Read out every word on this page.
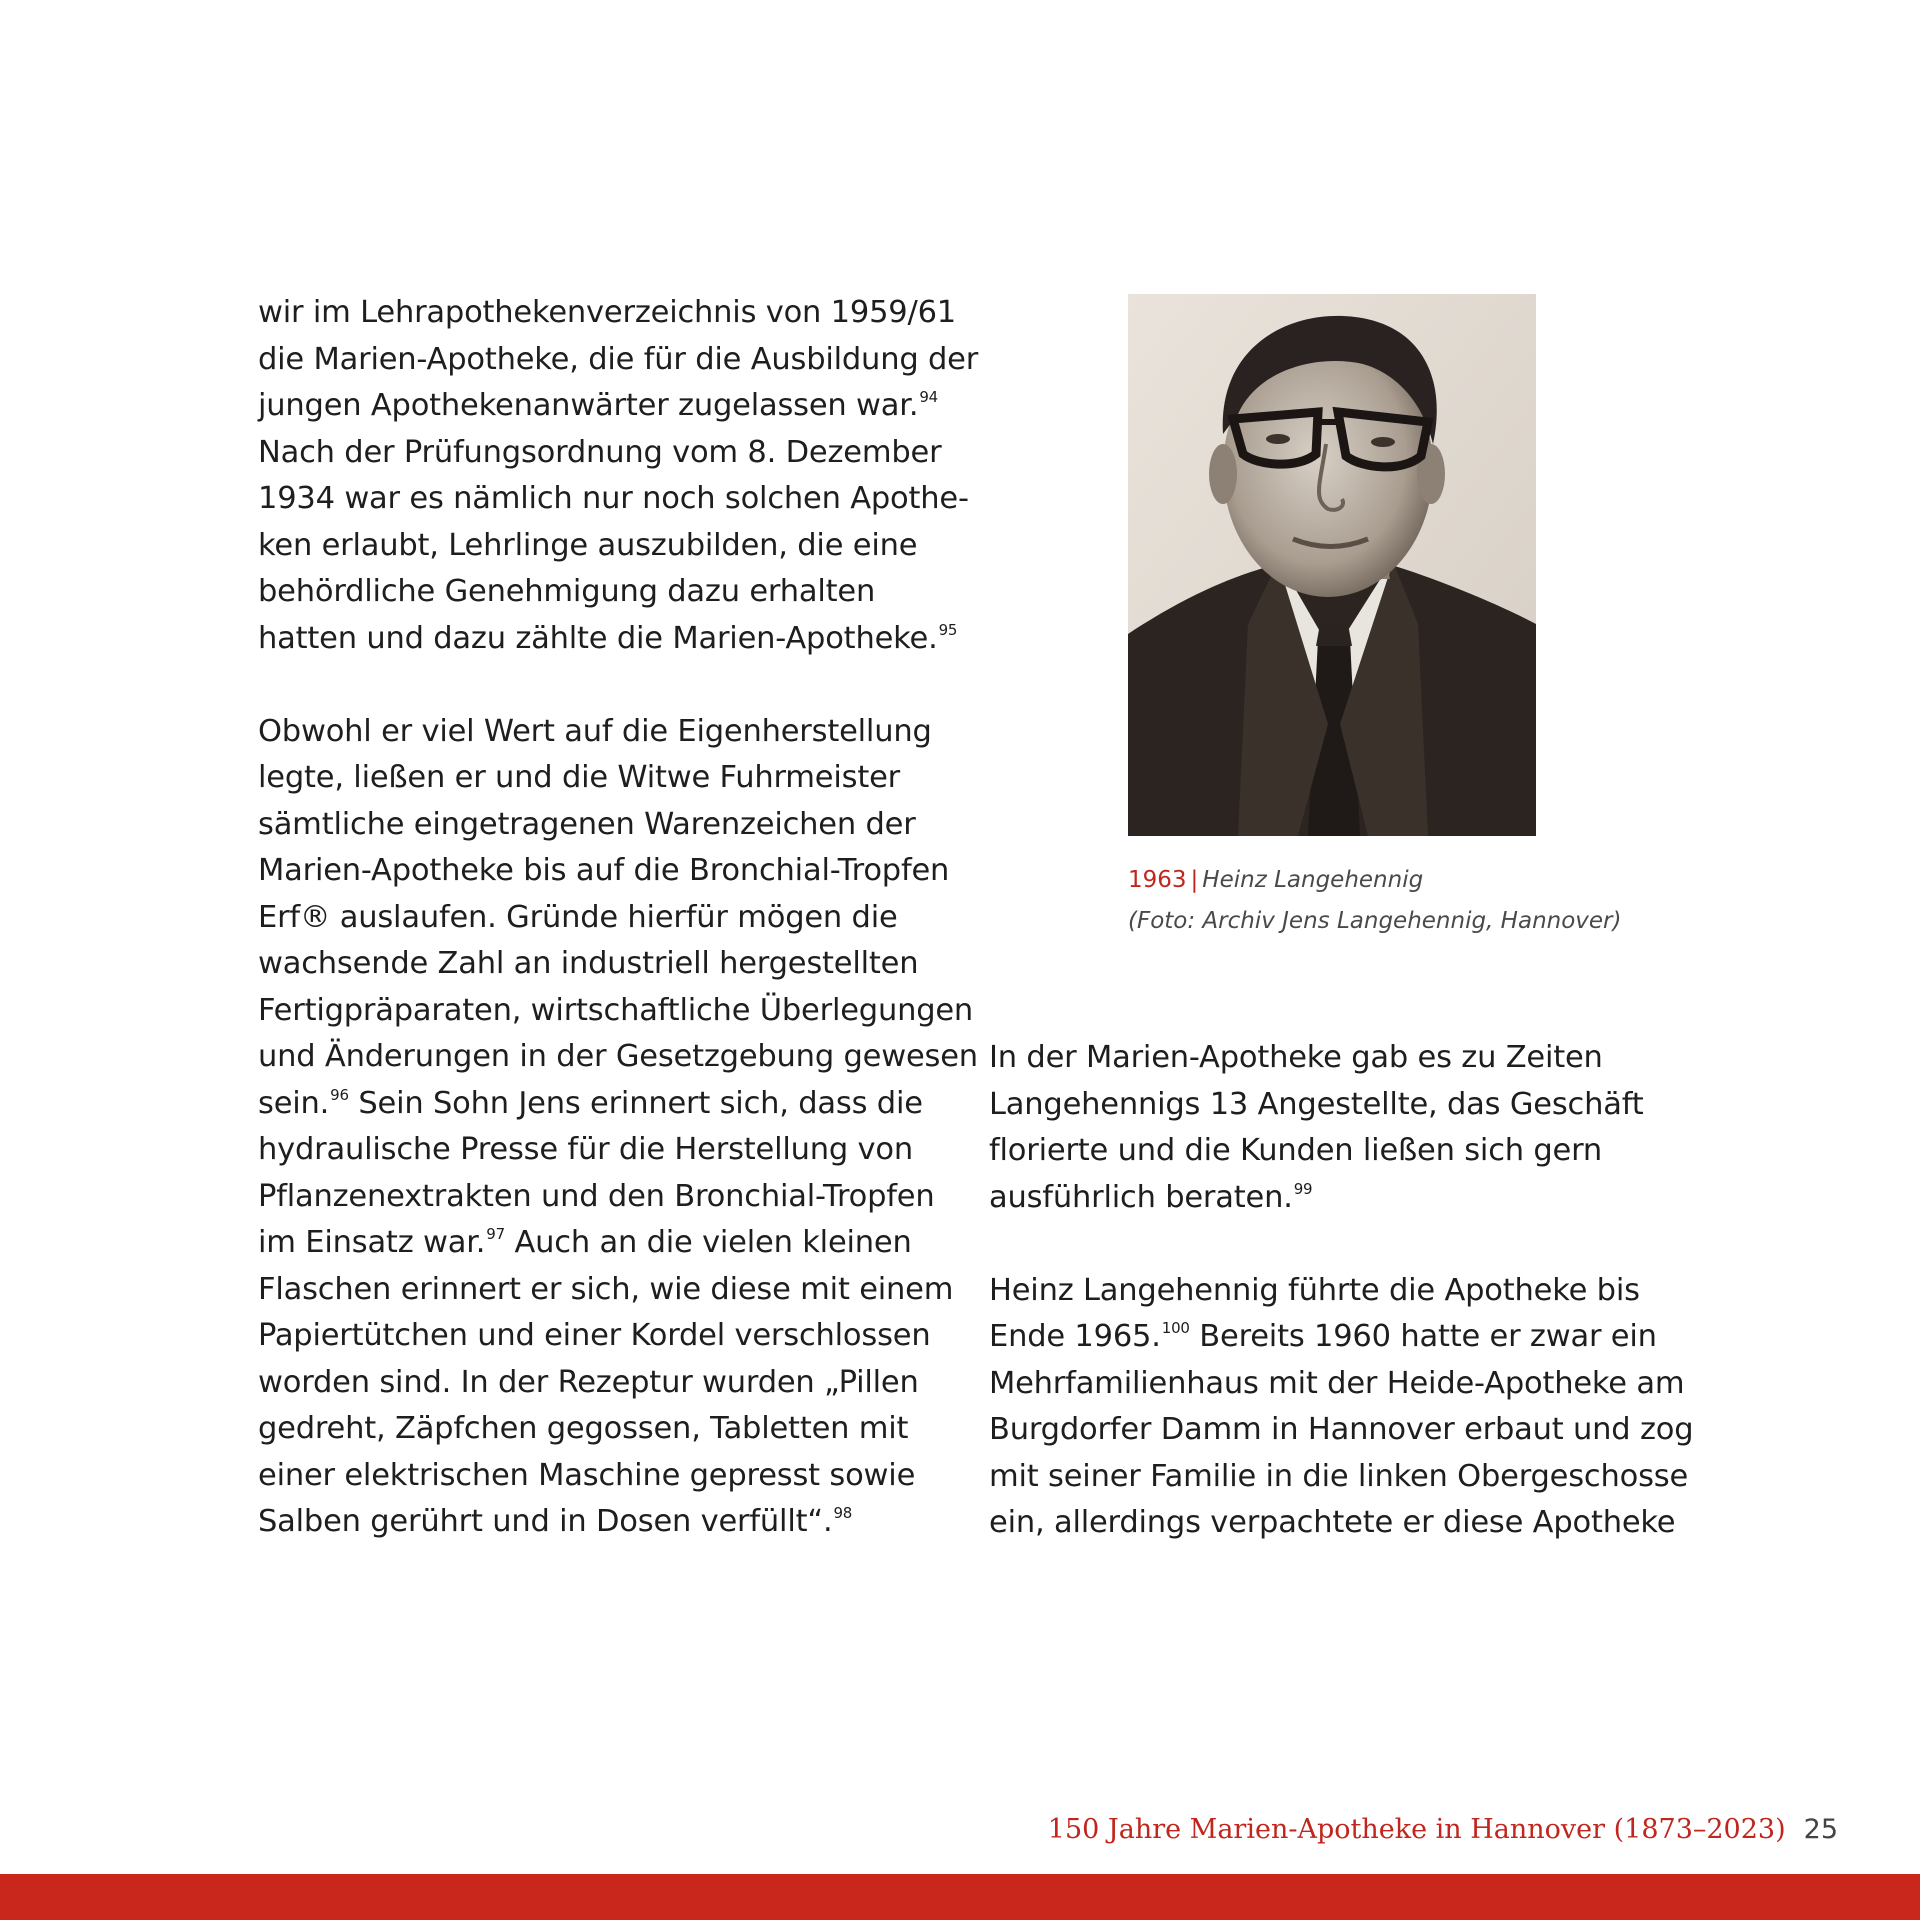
wir im Lehrapothekenverzeichnis von 1959/61
die Marien-Apotheke, die für die Ausbildung der
jungen Apothekenanwärter zugelassen war.$^{94}$
Nach der Prüfungsordnung vom 8. Dezember
1934 war es nämlich nur noch solchen Apothe-
ken erlaubt, Lehrlinge auszubilden, die eine
behördliche Genehmigung dazu erhalten
hatten und dazu zählte die Marien-Apotheke.$^{95}$
Obwohl er viel Wert auf die Eigenherstellung
legte, ließen er und die Witwe Fuhrmeister
sämtliche eingetragenen Warenzeichen der
Marien-Apotheke bis auf die Bronchial-Tropfen
Erf® auslaufen. Gründe hierfür mögen die
wachsende Zahl an industriell hergestellten
Fertigpräparaten, wirtschaftliche Überlegungen
und Änderungen in der Gesetzgebung gewesen
sein.$^{96}$ Sein Sohn Jens erinnert sich, dass die
hydraulische Presse für die Herstellung von
Pflanzenextrakten und den Bronchial-Tropfen
im Einsatz war.$^{97}$ Auch an die vielen kleinen
Flaschen erinnert er sich, wie diese mit einem
Papiertütchen und einer Kordel verschlossen
worden sind. In der Rezeptur wurden „Pillen
gedreht, Zäpfchen gegossen, Tabletten mit
einer elektrischen Maschine gepresst sowie
Salben gerührt und in Dosen verfüllt“.$^{98}$
1963 | Heinz Langehennig
(Foto: Archiv Jens Langehennig, Hannover)
In der Marien-Apotheke gab es zu Zeiten
Langehennigs 13 Angestellte, das Geschäft
florierte und die Kunden ließen sich gern
ausführlich beraten.$^{99}$
Heinz Langehennig führte die Apotheke bis
Ende 1965.$^{100}$ Bereits 1960 hatte er zwar ein
Mehrfamilienhaus mit der Heide-Apotheke am
Burgdorfer Damm in Hannover erbaut und zog
mit seiner Familie in die linken Obergeschosse
ein, allerdings verpachtete er diese Apotheke
150 Jahre Marien-Apotheke in Hannover (1873–2023) 25
